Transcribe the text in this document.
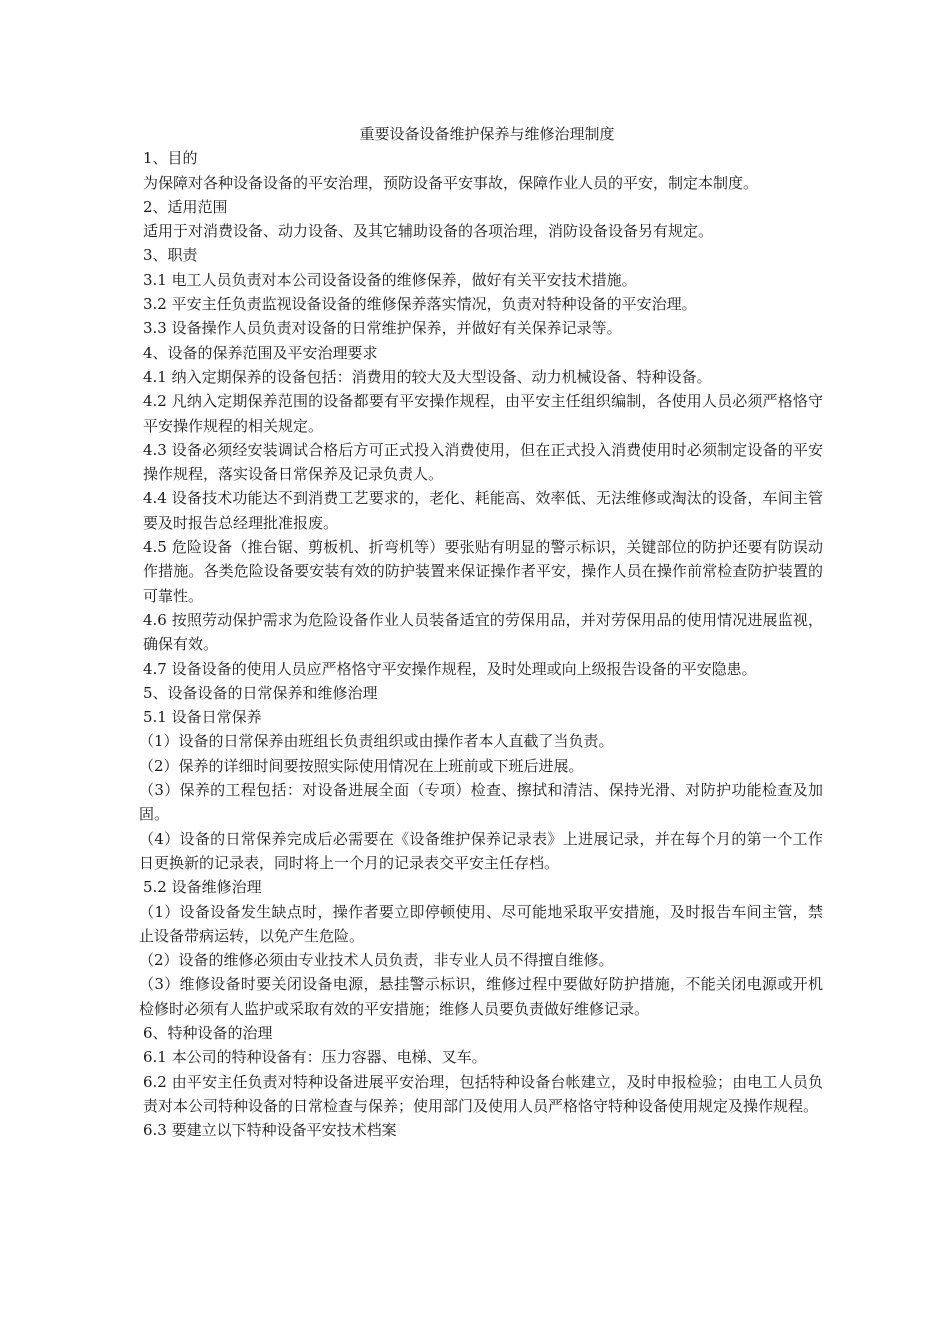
重要设备设备维护保养与维修治理制度

1、目的

为保障对各种设备设备的平安治理，预防设备平安事故，保障作业人员的平安，制定本制度。

2、适用范围

适用于对消费设备、动力设备、及其它辅助设备的各项治理，消防设备设备另有规定。

3、职责

3.1 电工人员负责对本公司设备设备的维修保养，做好有关平安技术措施。

3.2 平安主任负责监视设备设备的维修保养落实情况，负责对特种设备的平安治理。

3.3 设备操作人员负责对设备的日常维护保养，并做好有关保养记录等。

4、设备的保养范围及平安治理要求

4.1 纳入定期保养的设备包括：消费用的较大及大型设备、动力机械设备、特种设备。

4.2 凡纳入定期保养范围的设备都要有平安操作规程，由平安主任组织编制，各使用人员必须严格恪守平安操作规程的相关规定。

4.3 设备必须经安装调试合格后方可正式投入消费使用，但在正式投入消费使用时必须制定设备的平安操作规程，落实设备日常保养及记录负责人。

4.4 设备技术功能达不到消费工艺要求的，老化、耗能高、效率低、无法维修或淘汰的设备，车间主管要及时报告总经理批准报废。

4.5 危险设备（推台锯、剪板机、折弯机等）要张贴有明显的警示标识，关键部位的防护还要有防误动作措施。各类危险设备要安装有效的防护装置来保证操作者平安，操作人员在操作前常检查防护装置的可靠性。

4.6 按照劳动保护需求为危险设备作业人员装备适宜的劳保用品，并对劳保用品的使用情况进展监视，确保有效。

4.7 设备设备的使用人员应严格恪守平安操作规程，及时处理或向上级报告设备的平安隐患。

5、设备设备的日常保养和维修治理

5.1 设备日常保养

（1）设备的日常保养由班组长负责组织或由操作者本人直截了当负责。

（2）保养的详细时间要按照实际使用情况在上班前或下班后进展。

（3）保养的工程包括：对设备进展全面（专项）检查、擦拭和清洁、保持光滑、对防护功能检查及加固。

（4）设备的日常保养完成后必需要在《设备维护保养记录表》上进展记录，并在每个月的第一个工作日更换新的记录表，同时将上一个月的记录表交平安主任存档。

5.2 设备维修治理

（1）设备设备发生缺点时，操作者要立即停顿使用、尽可能地采取平安措施，及时报告车间主管，禁止设备带病运转，以免产生危险。

（2）设备的维修必须由专业技术人员负责，非专业人员不得擅自维修。

（3）维修设备时要关闭设备电源，悬挂警示标识，维修过程中要做好防护措施，不能关闭电源或开机检修时必须有人监护或采取有效的平安措施；维修人员要负责做好维修记录。

6、特种设备的治理

6.1 本公司的特种设备有：压力容器、电梯、叉车。

6.2 由平安主任负责对特种设备进展平安治理，包括特种设备台帐建立，及时申报检验；由电工人员负责对本公司特种设备的日常检查与保养；使用部门及使用人员严格恪守特种设备使用规定及操作规程。

6.3 要建立以下特种设备平安技术档案
